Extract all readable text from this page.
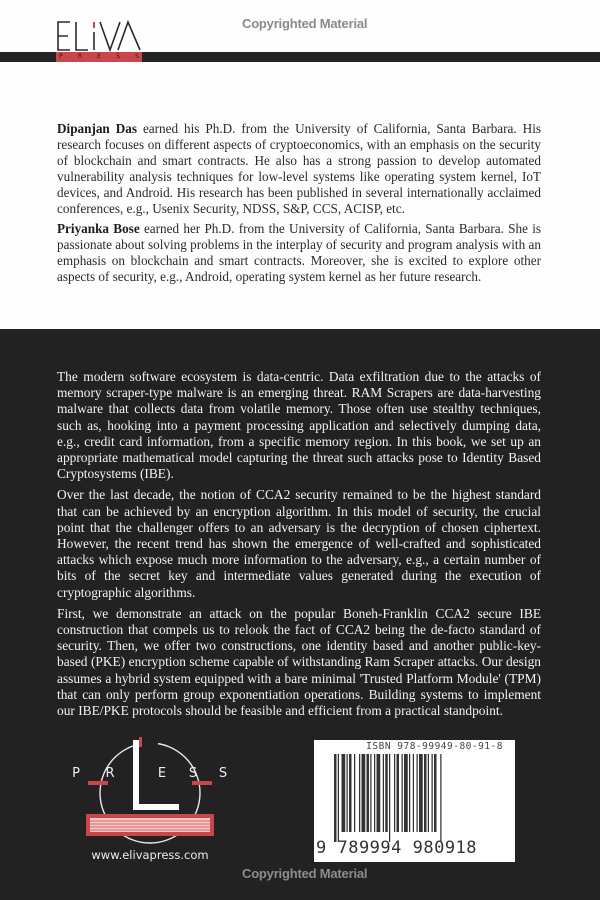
P	R	E	S	S
Copyrighted Material

Dipanjan Das earned his Ph.D. from the University of California, Santa Barbara. His research focuses on different aspects of cryptoeconomics, with an emphasis on the security of blockchain and smart contracts. He also has a strong passion to develop automated vulnerability analysis techniques for low-level systems like operating system kernel, IoT devices, and Android. His research has been published in several internationally acclaimed conferences, e.g., Usenix Security, NDSS, S&P, CCS, ACISP, etc.

Priyanka Bose earned her Ph.D. from the University of California, Santa Barbara. She is passionate about solving problems in the interplay of security and program analysis with an emphasis on blockchain and smart contracts. Moreover, she is excited to explore other aspects of security, e.g., Android, operating system kernel as her future research.

The modern software ecosystem is data-centric. Data exfiltration due to the attacks of memory scraper-type malware is an emerging threat. RAM Scrapers are data-harvesting malware that collects data from volatile memory. Those often use stealthy techniques, such as, hooking into a payment processing application and selectively dumping data, e.g., credit card information, from a specific memory region. In this book, we set up an appropriate mathematical model capturing the threat such attacks pose to Identity Based Cryptosystems (IBE).

Over the last decade, the notion of CCA2 security remained to be the highest standard that can be achieved by an encryption algorithm. In this model of security, the crucial point that the challenger offers to an adversary is the decryption of chosen ciphertext. However, the recent trend has shown the emergence of well-crafted and sophisticated attacks which expose much more information to the adversary, e.g., a certain number of bits of the secret key and intermediate values generated during the execution of cryptographic algorithms.

First, we demonstrate an attack on the popular Boneh-Franklin CCA2 secure IBE construction that compels us to relook the fact of CCA2 being the de-facto standard of security. Then, we offer two constructions, one identity based and another public-key-based (PKE) encryption scheme capable of withstanding Ram Scraper attacks. Our design assumes a hybrid system equipped with a bare minimal 'Trusted Platform Module' (TPM) that can only perform group exponentiation operations. Building systems to implement our IBE/PKE protocols should be feasible and efficient from a practical standpoint.

P R	E S S
www.elivapress.com
ISBN 978-99949-80-91-8
9 789994 980918
Copyrighted Material
